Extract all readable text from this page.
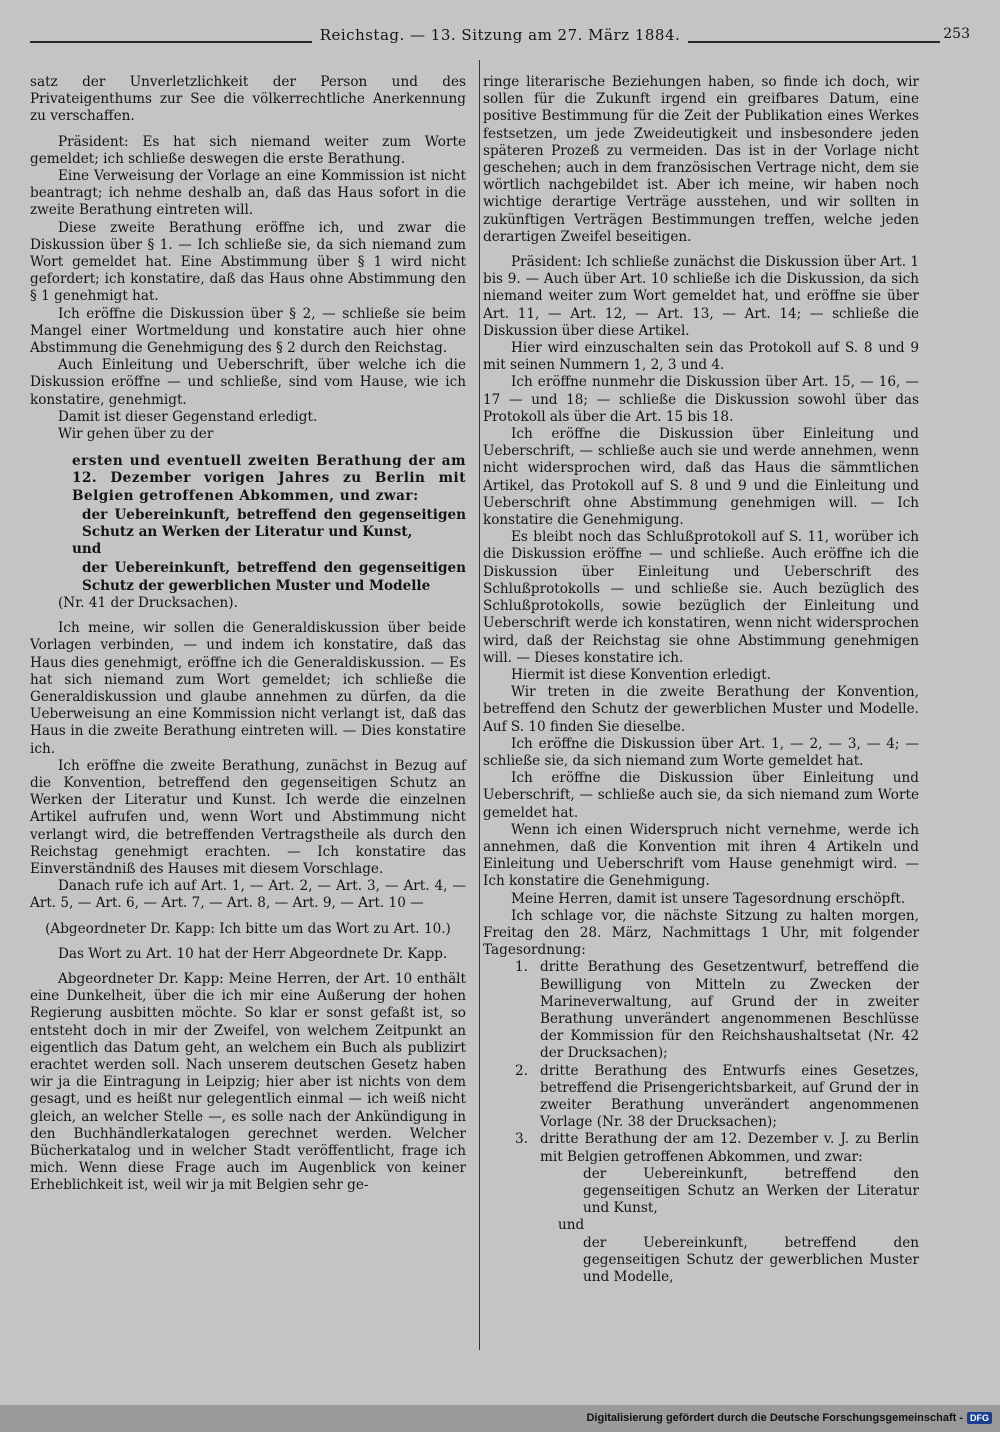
Reichstag. — 13. Sitzung am 27. März 1884.	253

satz der Unverletzlichkeit der Person und des Privateigenthums zur See die völkerrechtliche Anerkennung zu verschaffen.

Präsident: Es hat sich niemand weiter zum Worte gemeldet; ich schließe deswegen die erste Berathung.

Eine Verweisung der Vorlage an eine Kommission ist nicht beantragt; ich nehme deshalb an, daß das Haus sofort in die zweite Berathung eintreten will.

Diese zweite Berathung eröffne ich, und zwar die Diskussion über § 1. — Ich schließe sie, da sich niemand zum Wort gemeldet hat. Eine Abstimmung über § 1 wird nicht gefordert; ich konstatire, daß das Haus ohne Abstimmung den § 1 genehmigt hat.

Ich eröffne die Diskussion über § 2, — schließe sie beim Mangel einer Wortmeldung und konstatire auch hier ohne Abstimmung die Genehmigung des § 2 durch den Reichstag.

Auch Einleitung und Ueberschrift, über welche ich die Diskussion eröffne — und schließe, sind vom Hause, wie ich konstatire, genehmigt.

Damit ist dieser Gegenstand erledigt.

Wir gehen über zu der

ersten und eventuell zweiten Berathung der am 12. Dezember vorigen Jahres zu Berlin mit Belgien getroffenen Abkommen, und zwar:
der Uebereinkunft, betreffend den gegenseitigen Schutz an Werken der Literatur und Kunst,
und
der Uebereinkunft, betreffend den gegenseitigen Schutz der gewerblichen Muster und Modelle
(Nr. 41 der Drucksachen).

Ich meine, wir sollen die Generaldiskussion über beide Vorlagen verbinden, — und indem ich konstatire, daß das Haus dies genehmigt, eröffne ich die Generaldiskussion. — Es hat sich niemand zum Wort gemeldet; ich schließe die Generaldiskussion und glaube annehmen zu dürfen, da die Ueberweisung an eine Kommission nicht verlangt ist, daß das Haus in die zweite Berathung eintreten will. — Dies konstatire ich.

Ich eröffne die zweite Berathung, zunächst in Bezug auf die Konvention, betreffend den gegenseitigen Schutz an Werken der Literatur und Kunst. Ich werde die einzelnen Artikel aufrufen und, wenn Wort und Abstimmung nicht verlangt wird, die betreffenden Vertragstheile als durch den Reichstag genehmigt erachten. — Ich konstatire das Einverständniß des Hauses mit diesem Vorschlage.

Danach rufe ich auf Art. 1, — Art. 2, — Art. 3, — Art. 4, — Art. 5, — Art. 6, — Art. 7, — Art. 8, — Art. 9, — Art. 10 —

(Abgeordneter Dr. Kapp: Ich bitte um das Wort zu Art. 10.)

Das Wort zu Art. 10 hat der Herr Abgeordnete Dr. Kapp.

Abgeordneter Dr. Kapp: Meine Herren, der Art. 10 enthält eine Dunkelheit, über die ich mir eine Außerung der hohen Regierung ausbitten möchte. So klar er sonst gefaßt ist, so entsteht doch in mir der Zweifel, von welchem Zeitpunkt an eigentlich das Datum geht, an welchem ein Buch als publizirt erachtet werden soll. Nach unserem deutschen Gesetz haben wir ja die Eintragung in Leipzig; hier aber ist nichts von dem gesagt, und es heißt nur gelegentlich einmal — ich weiß nicht gleich, an welcher Stelle —, es solle nach der Ankündigung in den Buchhändlerkatalogen gerechnet werden. Welcher Bücherkatalog und in welcher Stadt veröffentlicht, frage ich mich. Wenn diese Frage auch im Augenblick von keiner Erheblichkeit ist, weil wir ja mit Belgien sehr ge-

ringe literarische Beziehungen haben, so finde ich doch, wir sollen für die Zukunft irgend ein greifbares Datum, eine positive Bestimmung für die Zeit der Publikation eines Werkes festsetzen, um jede Zweideutigkeit und insbesondere jeden späteren Prozeß zu vermeiden. Das ist in der Vorlage nicht geschehen; auch in dem französischen Vertrage nicht, dem sie wörtlich nachgebildet ist. Aber ich meine, wir haben noch wichtige derartige Verträge ausstehen, und wir sollten in zukünftigen Verträgen Bestimmungen treffen, welche jeden derartigen Zweifel beseitigen.

Präsident: Ich schließe zunächst die Diskussion über Art. 1 bis 9. — Auch über Art. 10 schließe ich die Diskussion, da sich niemand weiter zum Wort gemeldet hat, und eröffne sie über Art. 11, — Art. 12, — Art. 13, — Art. 14; — schließe die Diskussion über diese Artikel.

Hier wird einzuschalten sein das Protokoll auf S. 8 und 9 mit seinen Nummern 1, 2, 3 und 4.

Ich eröffne nunmehr die Diskussion über Art. 15, — 16, — 17 — und 18; — schließe die Diskussion sowohl über das Protokoll als über die Art. 15 bis 18.

Ich eröffne die Diskussion über Einleitung und Ueberschrift, — schließe auch sie und werde annehmen, wenn nicht widersprochen wird, daß das Haus die sämmtlichen Artikel, das Protokoll auf S. 8 und 9 und die Einleitung und Ueberschrift ohne Abstimmung genehmigen will. — Ich konstatire die Genehmigung.

Es bleibt noch das Schlußprotokoll auf S. 11, worüber ich die Diskussion eröffne — und schließe. Auch eröffne ich die Diskussion über Einleitung und Ueberschrift des Schlußprotokolls — und schließe sie. Auch bezüglich des Schlußprotokolls, sowie bezüglich der Einleitung und Ueberschrift werde ich konstatiren, wenn nicht widersprochen wird, daß der Reichstag sie ohne Abstimmung genehmigen will. — Dieses konstatire ich.

Hiermit ist diese Konvention erledigt.

Wir treten in die zweite Berathung der Konvention, betreffend den Schutz der gewerblichen Muster und Modelle. Auf S. 10 finden Sie dieselbe.

Ich eröffne die Diskussion über Art. 1, — 2, — 3, — 4; — schließe sie, da sich niemand zum Worte gemeldet hat.

Ich eröffne die Diskussion über Einleitung und Ueberschrift, — schließe auch sie, da sich niemand zum Worte gemeldet hat.

Wenn ich einen Widerspruch nicht vernehme, werde ich annehmen, daß die Konvention mit ihren 4 Artikeln und Einleitung und Ueberschrift vom Hause genehmigt wird. — Ich konstatire die Genehmigung.

Meine Herren, damit ist unsere Tagesordnung erschöpft.

Ich schlage vor, die nächste Sitzung zu halten morgen, Freitag den 28. März, Nachmittags 1 Uhr, mit folgender Tagesordnung:

1. dritte Berathung des Gesetzentwurf, betreffend die Bewilligung von Mitteln zu Zwecken der Marineverwaltung, auf Grund der in zweiter Berathung unverändert angenommenen Beschlüsse der Kommission für den Reichshaushaltsetat (Nr. 42 der Drucksachen);
2. dritte Berathung des Entwurfs eines Gesetzes, betreffend die Prisengerichtsbarkeit, auf Grund der in zweiter Berathung unverändert angenommenen Vorlage (Nr. 38 der Drucksachen);
3. dritte Berathung der am 12. Dezember v. J. zu Berlin mit Belgien getroffenen Abkommen, und zwar:
der Uebereinkunft, betreffend den gegenseitigen Schutz an Werken der Literatur und Kunst,
und
der Uebereinkunft, betreffend den gegenseitigen Schutz der gewerblichen Muster und Modelle,
Digitalisierung gefördert durch die Deutsche Forschungsgemeinschaft - DFG
